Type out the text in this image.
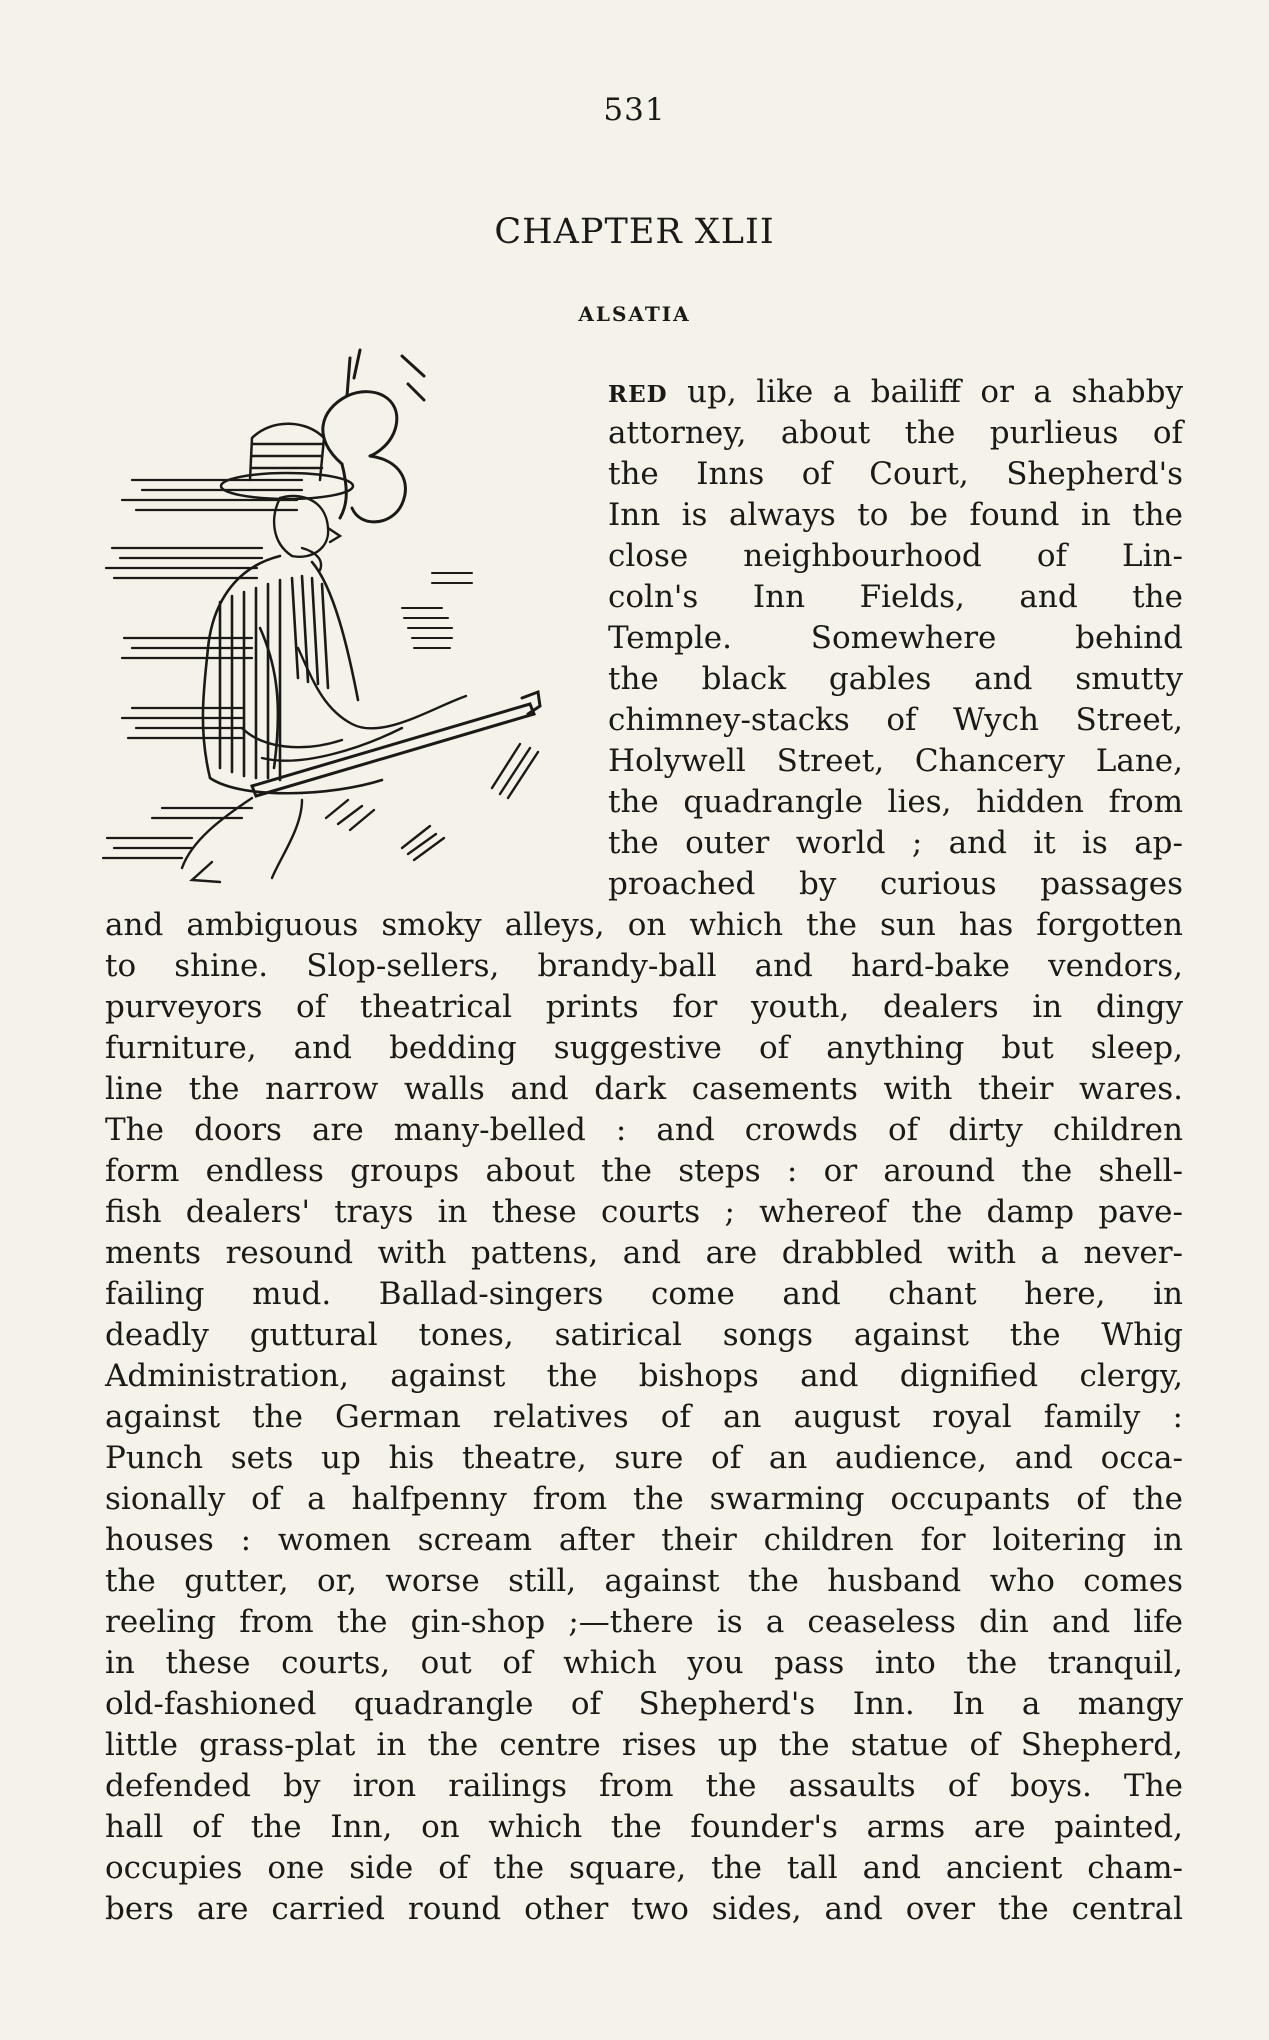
531
CHAPTER XLII
ALSATIA
RED up, like a bailiff or a shabby
attorney, about the purlieus of
the Inns of Court, Shepherd's
Inn is always to be found in the
close neighbourhood of Lin-
coln's Inn Fields, and the
Temple. Somewhere behind
the black gables and smutty
chimney-stacks of Wych Street,
Holywell Street, Chancery Lane,
the quadrangle lies, hidden from
the outer world ; and it is ap-
proached by curious passages
and ambiguous smoky alleys, on which the sun has forgotten
to shine. Slop-sellers, brandy-ball and hard-bake vendors,
purveyors of theatrical prints for youth, dealers in dingy
furniture, and bedding suggestive of anything but sleep,
line the narrow walls and dark casements with their wares.
The doors are many-belled : and crowds of dirty children
form endless groups about the steps : or around the shell-
fish dealers' trays in these courts ; whereof the damp pave-
ments resound with pattens, and are drabbled with a never-
failing mud. Ballad-singers come and chant here, in
deadly guttural tones, satirical songs against the Whig
Administration, against the bishops and dignified clergy,
against the German relatives of an august royal family :
Punch sets up his theatre, sure of an audience, and occa-
sionally of a halfpenny from the swarming occupants of the
houses : women scream after their children for loitering in
the gutter, or, worse still, against the husband who comes
reeling from the gin-shop ;—there is a ceaseless din and life
in these courts, out of which you pass into the tranquil,
old-fashioned quadrangle of Shepherd's Inn. In a mangy
little grass-plat in the centre rises up the statue of Shepherd,
defended by iron railings from the assaults of boys. The
hall of the Inn, on which the founder's arms are painted,
occupies one side of the square, the tall and ancient cham-
bers are carried round other two sides, and over the central
